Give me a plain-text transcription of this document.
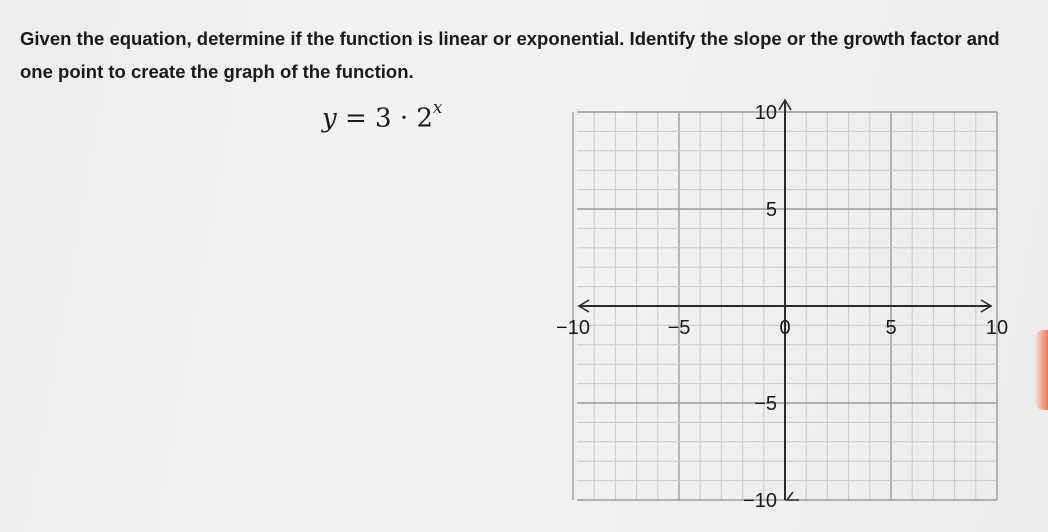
Given the equation, determine if the function is linear or exponential. Identify the slope or the growth factor and one point to create the graph of the function.

$y = 3 \cdot 2^x$
−10	−5	0	5	10
10
5
−5
−10
